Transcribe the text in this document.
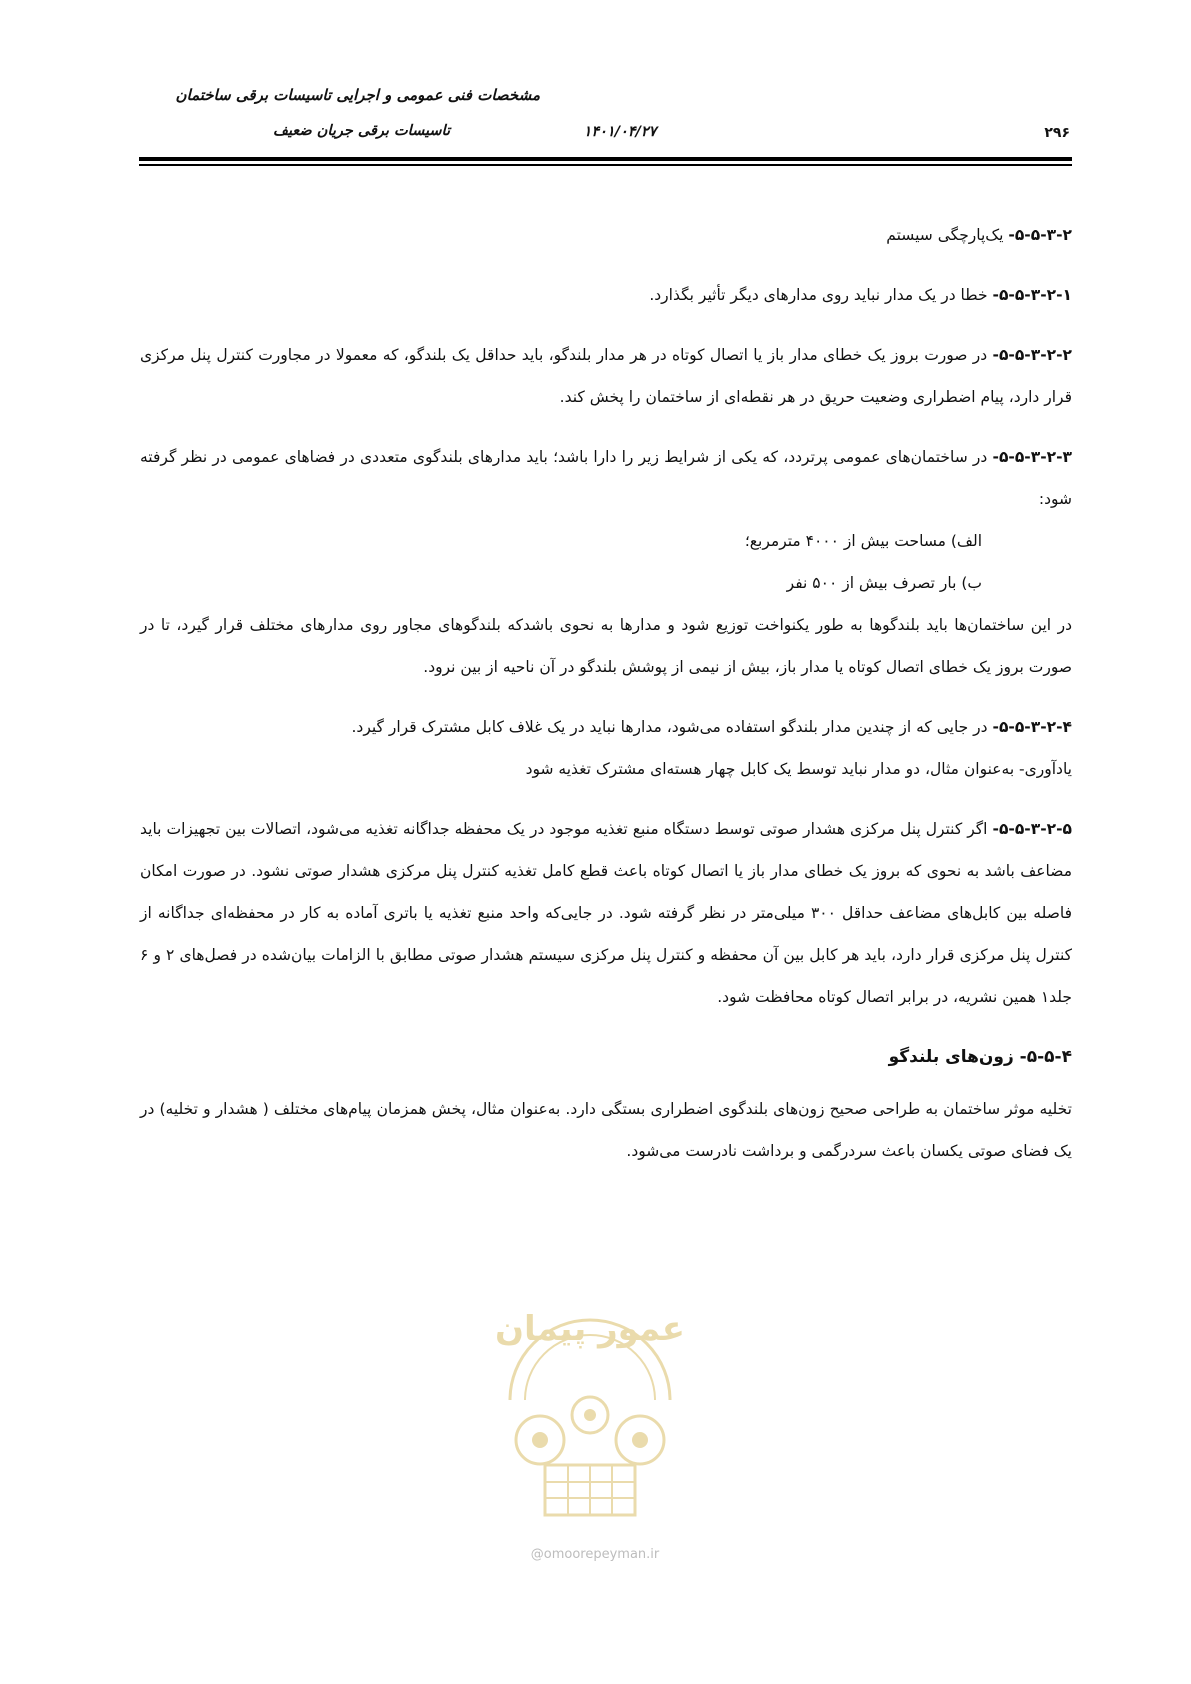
مشخصات فنی عمومی و اجرایی تاسیسات برقی ساختمان
تاسیسات برقی جریان ضعیف	۱۴۰۱/۰۴/۲۷	۲۹۶

۵-۵-۳-۲- یک‌پارچگی سیستم

۵-۵-۳-۲-۱- خطا در یک مدار نباید روی مدارهای دیگر تأثیر بگذارد.

۵-۵-۳-۲-۲- در صورت بروز یک خطای مدار باز یا اتصال کوتاه در هر مدار بلندگو، باید حداقل یک بلندگو، که معمولا در مجاورت کنترل پنل مرکزی قرار دارد، پیام اضطراری وضعیت حریق در هر نقطه‌ای از ساختمان را پخش کند.

۵-۵-۳-۲-۳- در ساختمان‌های عمومی پرتردد، که یکی از شرایط زیر را دارا باشد؛ باید مدارهای بلندگوی متعددی در فضاهای عمومی در نظر گرفته شود:

الف) مساحت بیش از ۴۰۰۰ مترمربع؛

ب) بار تصرف بیش از ۵۰۰ نفر

در این ساختمان‌ها باید بلندگوها به طور یکنواخت توزیع شود و مدارها به نحوی باشدکه بلندگوهای مجاور روی مدارهای مختلف قرار گیرد، تا در صورت بروز یک خطای اتصال کوتاه یا مدار باز، بیش از نیمی از پوشش بلندگو در آن ناحیه از بین نرود.

۵-۵-۳-۲-۴- در جایی که از چندین مدار بلندگو استفاده می‌شود، مدارها نباید در یک غلاف کابل مشترک قرار گیرد.

یادآوری- به‌عنوان مثال، دو مدار نباید توسط یک کابل چهار هسته‌ای مشترک تغذیه شود

۵-۵-۳-۲-۵- اگر کنترل پنل مرکزی هشدار صوتی توسط دستگاه منبع تغذیه موجود در یک محفظه جداگانه تغذیه می‌شود، اتصالات بین تجهیزات باید مضاعف باشد به نحوی که بروز یک خطای مدار باز یا اتصال کوتاه باعث قطع کامل تغذیه کنترل پنل مرکزی هشدار صوتی نشود. در صورت امکان فاصله بین کابل‌های مضاعف حداقل ۳۰۰ میلی‌متر در نظر گرفته شود. در جایی‌که واحد منبع تغذیه یا باتری آماده به کار در محفظه‌ای جداگانه از کنترل پنل مرکزی قرار دارد، باید هر کابل بین آن محفظه و کنترل پنل مرکزی سیستم هشدار صوتی مطابق با الزامات بیان‌شده در فصل‌های ۲ و ۶ جلد۱ همین نشریه، در برابر اتصال کوتاه محافظت شود.

۵-۵-۴- زون‌های بلندگو

تخلیه موثر ساختمان به طراحی صحیح زون‌های بلندگوی اضطراری بستگی دارد. به‌عنوان مثال، پخش همزمان پیام‌های مختلف ( هشدار و تخلیه) در یک فضای صوتی یکسان باعث سردرگمی و برداشت نادرست می‌شود.

عمور پیمان
@omoorepeyman.ir
